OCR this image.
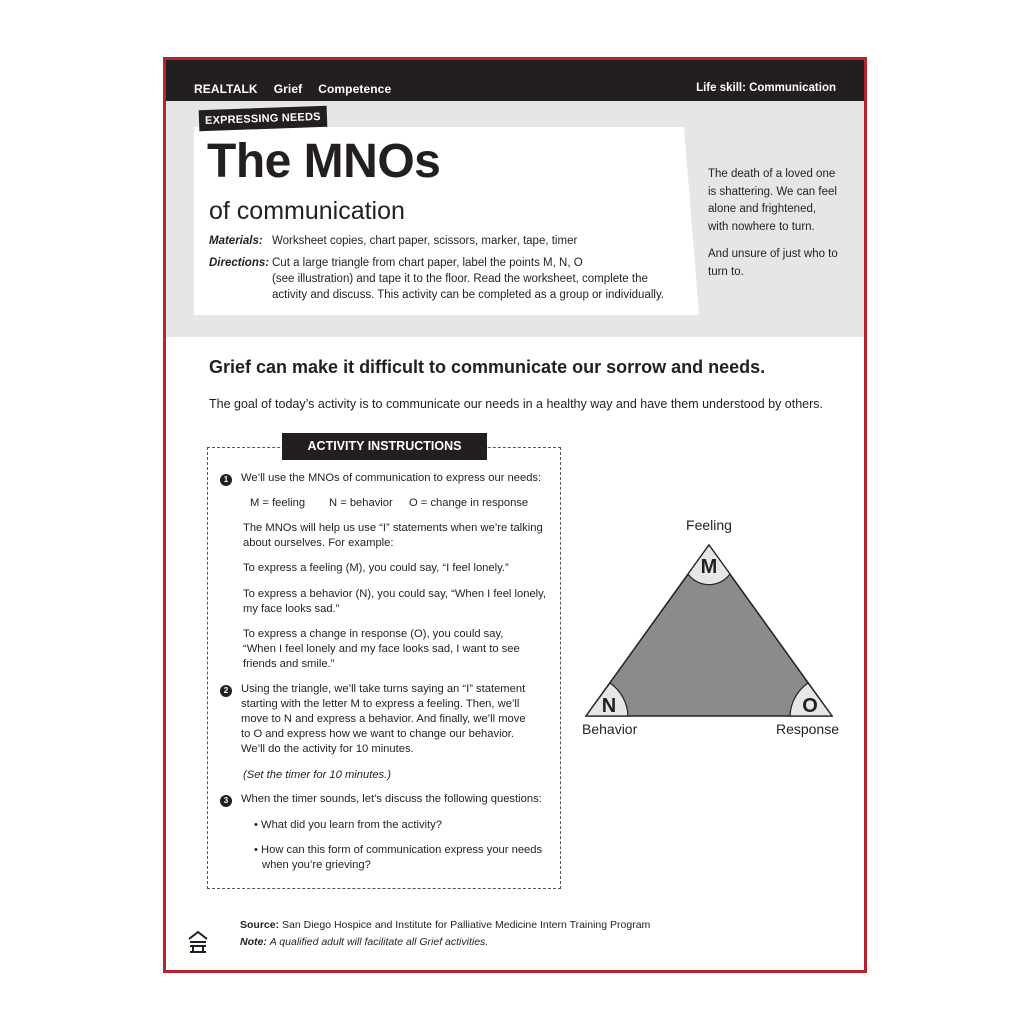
REALTALK Grief Competence	Life skill: Communication
EXPRESSING NEEDS
The MNOs
of communication
Materials: Worksheet copies, chart paper, scissors, marker, tape, timer
Directions: Cut a large triangle from chart paper, label the points M, N, O
(see illustration) and tape it to the floor. Read the worksheet, complete the
activity and discuss. This activity can be completed as a group or individually.

The death of a loved one is shattering. We can feel alone and frightened, with nowhere to turn.

And unsure of just who to turn to.

Grief can make it difficult to communicate our sorrow and needs.
The goal of today’s activity is to communicate our needs in a healthy way and have them understood by others.
ACTIVITY INSTRUCTIONS
1	We’ll use the MNOs of communication to express our needs:
M = feeling N = behavior O = change in response
The MNOs will help us use “I” statements when we’re talking
about ourselves. For example:
To express a feeling (M), you could say, “I feel lonely.”
To express a behavior (N), you could say, “When I feel lonely,
my face looks sad.”
To express a change in response (O), you could say,
“When I feel lonely and my face looks sad, I want to see
friends and smile.”
2	Using the triangle, we’ll take turns saying an “I” statement
starting with the letter M to express a feeling. Then, we’ll
move to N and express a behavior. And finally, we’ll move
to O and express how we want to change our behavior.
We’ll do the activity for 10 minutes.
(Set the timer for 10 minutes.)
3	When the timer sounds, let’s discuss the following questions:
• What did you learn from the activity?
• How can this form of communication express your needs
when you’re grieving?
Feeling
M
N	O
Behavior	Response
Source: San Diego Hospice and Institute for Palliative Medicine Intern Training Program
Note: A qualified adult will facilitate all Grief activities.
